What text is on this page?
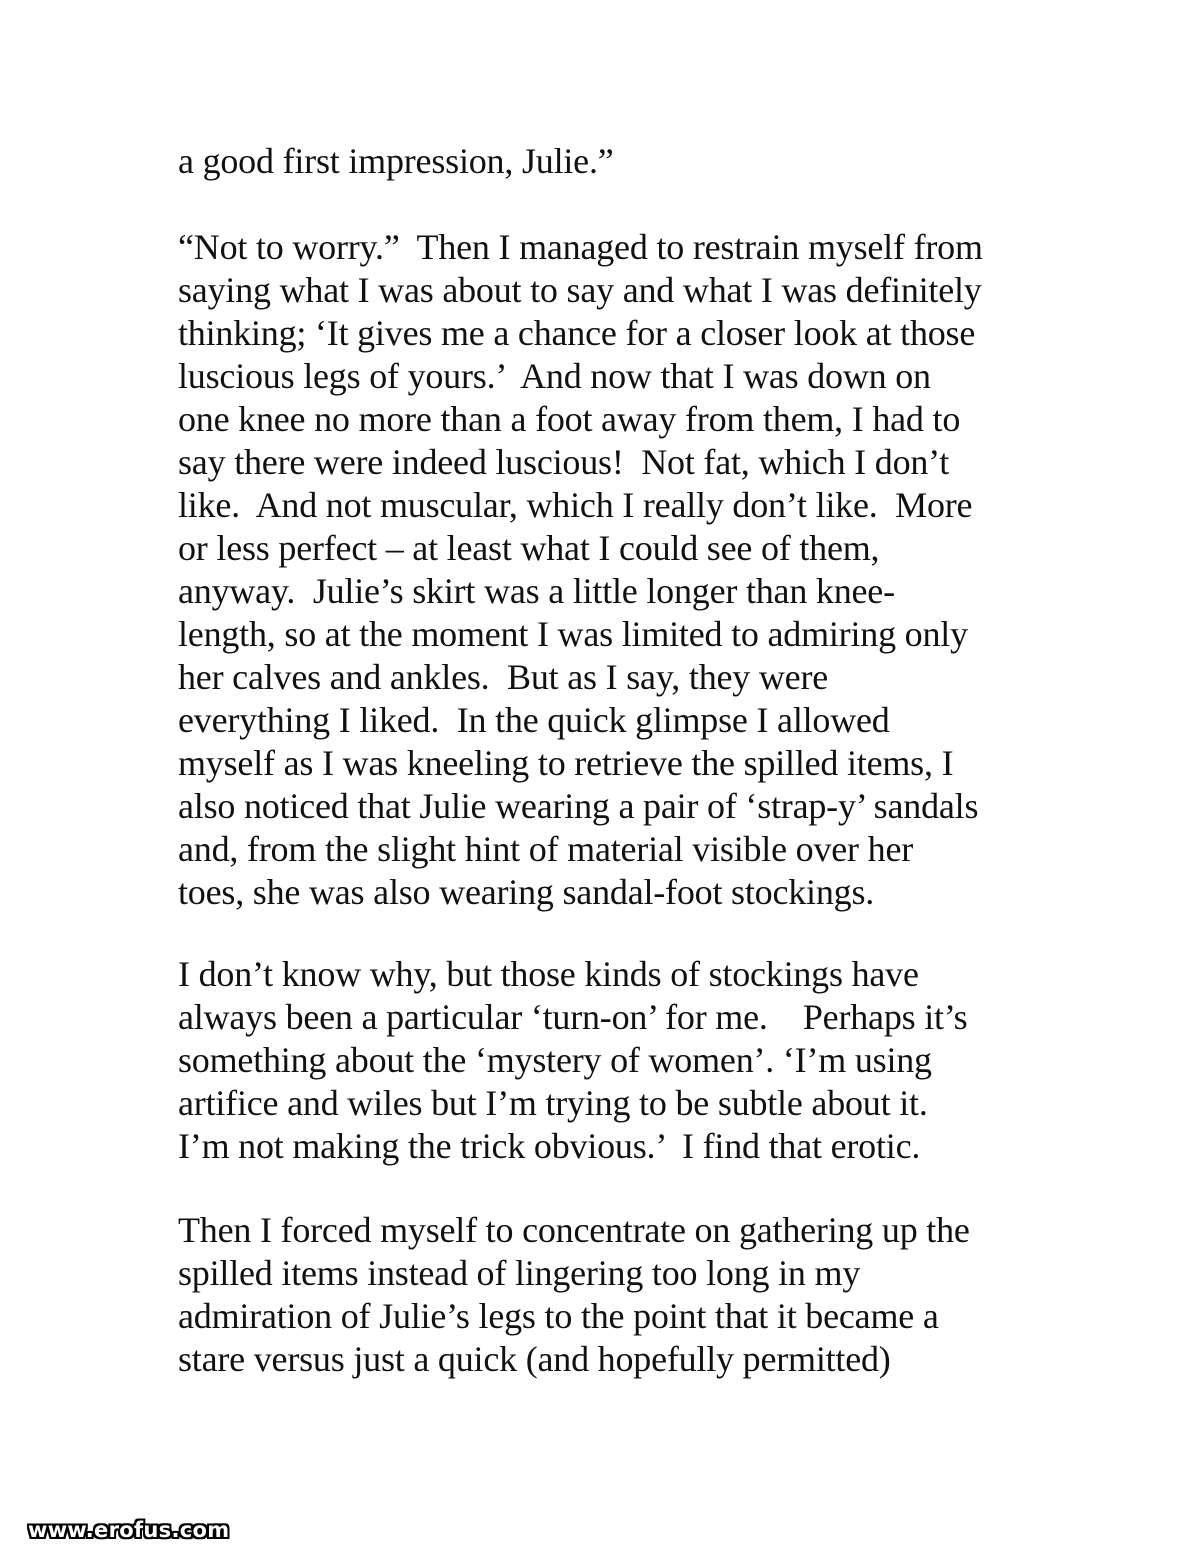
a good first impression, Julie.”
“Not to worry.”  Then I managed to restrain myself from
saying what I was about to say and what I was definitely
thinking; ‘It gives me a chance for a closer look at those
luscious legs of yours.’  And now that I was down on
one knee no more than a foot away from them, I had to
say there were indeed luscious!  Not fat, which I don’t
like.  And not muscular, which I really don’t like.  More
or less perfect – at least what I could see of them,
anyway.  Julie’s skirt was a little longer than knee-
length, so at the moment I was limited to admiring only
her calves and ankles.  But as I say, they were
everything I liked.  In the quick glimpse I allowed
myself as I was kneeling to retrieve the spilled items, I
also noticed that Julie wearing a pair of ‘strap-y’ sandals
and, from the slight hint of material visible over her
toes, she was also wearing sandal-foot stockings.
I don’t know why, but those kinds of stockings have
always been a particular ‘turn-on’ for me.    Perhaps it’s
something about the ‘mystery of women’. ‘I’m using
artifice and wiles but I’m trying to be subtle about it.
I’m not making the trick obvious.’  I find that erotic.
Then I forced myself to concentrate on gathering up the
spilled items instead of lingering too long in my
admiration of Julie’s legs to the point that it became a
stare versus just a quick (and hopefully permitted)
www.erofus.com
